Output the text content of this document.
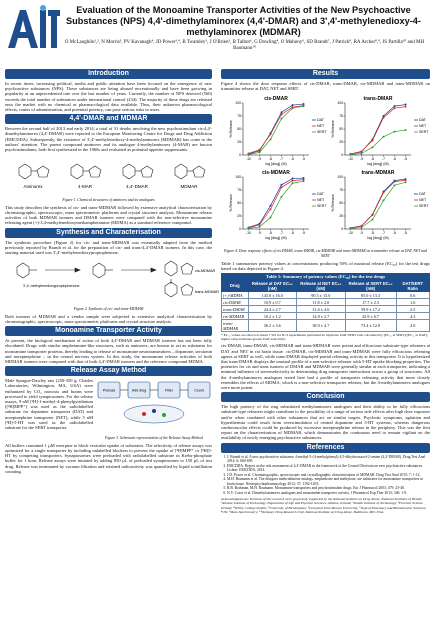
Evaluation of the Monoamine Transporter Activities of the New Psychoactive Substances (NPS) 4,4'-dimethylaminorex (4,4'-DMAR) and 3',4'-methylenedioxy-4-methylaminorex (MDMAR)
O McLaughlin¹,², N Morris³, PV Kavanagh⁴, JD Power³,⁴, B Twamley⁵, J O'Brien⁵, B Talbot⁶, G Dowling⁴, O Mahony⁶, SD Brandt⁷, J Patrick⁸, RA Archer⁸,⁹, JS Partilla¹⁰ and MH Baumann¹⁰
Introduction
In recent times, increasing political, media and public attention have been focused on the emergence of new psychoactive substances (NPS). These substances are being abused recreationally and have been growing in popularity at an unprecedented rate over the last number of years. Currently, the number of NPS detected (560) exceeds the total number of substances under international control (234). The majority of these drugs are released onto the market with no chemical or pharmacological data available. Thus, their unknown pharmacological effects, routes of administration, and potential potency, can pose serious risks to users.
4,4'-DMAR and MDMAR
Between the second half of 2013 and early 2014, a total of 31 deaths involving the new psychostimulant cis-4,4'-dimethylaminorex (4,4'-DMAR) were reported to the European Monitoring Centre for Drugs and Drug Addiction (EMCDDA). Subsequently, the existence of 3',4'-methylenedioxy-4-methylaminorex (MDMAR) has come to the authors' attention. The parent compound aminorex and its analogue 4-methylaminorex (4-MAR) are known psychostimulants, both first synthesized in the 1960s and evaluated as potential appetite suppressants.
Aminorex	4-MAR	4,4'-DMAR	MDMAR
Figure 1. Chemical structures of aminorex and its analogues
This study describes the synthesis of cis- and trans-MDMAR followed by extensive analytical characterisation by chromatographic, spectroscopic, mass spectrometric platforms and crystal structure analysis. Monoamine release activities of both MDMAR isomers and DMAR isomers were compared with the non-selective monoamine releasing agent (+)-3,4-methylenedioxymethamphetamine (MDMA) as a standard reference compound.
Synthesis and Characterisation
The synthesis procedure (Figure 2) for cis- and trans-MDMAR was essentially adapted from the method previously reported by Brandt et al. for the preparation of cis- and trans-4,4'-DMAR isomers. In this case, the starting material used was 3',4'-methylenedioxypropiophenone.
3',4'-methylenedioxypropiophenone
cis-MDMAR
trans-MDMAR
Figure 2. Synthesis of cis- and trans-MDMAR
Both isomers of MDMAR and a vendor sample were subjected to extensive analytical characterisation by chromatographic, spectroscopic, mass spectrometric platforms and crystal structure analysis.
Monoamine Transporter Activity
At present, the biological mechanism of action of both 4,4'-DMAR and MDMAR isomers has not been fully elucidated. Drugs with similar amphetamine-like structures, such as aminorex, are known to act as substrates for monoamine transporter proteins, thereby leading to release of monoamine neurotransmitters – dopamine, serotonin and norepinephrine – in the central nervous system. In this study, the monoamine release activities of both MDMAR isomers were compared with that of both 4,4'-DMAR isomers and the reference compound MDMA.
Release Assay Method
Male Sprague-Dawley rats (250-350 g; Charles Laboratories, Wilmington, MA, USA) were euthanized by CO₂ narcosis and brains were processed to yield synaptosomes. For the release assays, 9 nM [³H]-1-methyl-4-phenylpyridinium ([³H]MPP⁺) was used as the radiolabelled substrate for dopamine transporter (DAT) and norepinephrine transporter (NET), while 5 nM [³H]-5-HT was used as the radiolabelled substrate for the SERT transporter.
Preload	Add drug	Filter	Count
Figure 3. Schematic representation of the Release Assay Method
All buffers contained 1 µM reserpine to block vesicular uptake of substrates. The selectivity of release assays was optimized for a single transporter by including unlabelled blockers to prevent the uptake of [³H]MPP⁺ or [³H]5-HT by competing transporters. Synaptosomes were preloaded with radiolabelled substrate in Krebs-phosphate buffer for 1 hour. Release assays were initiated by adding 850 µL of preloaded synaptosomes to 150 µL of test drug. Release was terminated by vacuum filtration and retained radioactivity was quantified by liquid scintillation counting.
Results
Figure 4 shows the dose response effects of cis-DMAR, trans-DMAR, cis-MDMAR and trans-MDMAR on transmitter release at DAT, NET and SERT.
cis-DMAR
0
25
50
75
100
-10 -9 -8 -7 -6 -5
log [drug] (M)
% Release
DAT
NET
SERT
trans-DMAR
0
25
50
75
100
-10 -9 -8 -7 -6 -5
log [drug] (M)
% Release
DAT
NET
SERT
cis-MDMAR
0
25
50
75
100
-10 -9 -8 -7 -6 -5
log [drug] (M)
% Release
DAT
NET
SERT
trans-MDMAR
0
25
50
75
100
-10 -9 -8 -7 -6 -5
log [drug] (M)
% Release
DAT
NET
SERT
Figure 4. Dose response effects of cis-DMAR, trans-DMAR, cis-MDMAR and trans-MDMAR on transmitter release at DAT, NET and SERT
Table 1 summarises potency values at concentrations producing 50% of maximal release (EC₅₀) for the test drugs based on data depicted in Figure 4.
Table 1: Summary of potency values (EC₅₀) for the test drugs
Drug	Release at DAT EC₅₀ (nM)	Release at NET EC₅₀ (nM)	Release at SERT EC₅₀ (nM)	DAT/SERT Ratio
(+)-MDMA	143.0 ± 16.0	90.3 ± 15.0	85.0 ± 13.3	0.6
cis-DMAR	10.9 ± 0.7	11.8 ± 2.0	17.7 ± 2.3	1.6
trans-DMAR	24.4 ± 2.7	31.6 ± 4.6	59.9 ± 17.2	2.5
cis-MDMAR	10.2 ± 1.2	14.8 ± 2.7	43.9 ± 6.7	4.3
trans-MDMAR	36.2 ± 3.6	38.9 ± 4.7	73.4 ± 12.0	2.0
* EC₅₀ values are shown as mean ± SD for N=3 experiments performed in triplicate. DAT/SERT ratio calculated by (EC₅₀ at SERT)/(EC₅₀ at DAT); higher value indicates greater DAT selectivity.
cis-DMAR, trans-DMAR, cis-MDMAR and trans-MDMAR were potent and efficacious substrate-type releasers at DAT and NET in rat brain tissue. cis-DMAR, cis-MDMAR and trans-MDMAR were fully efficacious releasing agents at SERT as well, while trans-DMAR displayed partial releasing activity at this transporter. It is hypothesized that trans-DMAR displays the unusual profile of a non-selective releaser with 5-HT uptake blocking properties. The potencies for cis and trans isomers of DMAR and MDMAR were generally similar at each transporter, indicating a minimal influence of stereoselectivity in determining drug transporter interactions across a group of structures. All the 4-methylaminorex analogues tested here had a profile of transporter releasing activity that more closely resembles the effects of MDMA, which is a non-selective transporter releaser, but the 4-methylaminorex analogues were more potent.
Conclusion
The high potency of the ring substituted methylaminorex analogues and their ability to be fully efficacious substrate-type releasers might contribute to the possibility of a range of serious side effects after high dose exposure and/or when combined with other substances that act on similar targets. Psychotic symptoms, agitation and hyperthermia could result from overstimulation of central dopamine and 5-HT systems, whereas dangerous cardiovascular effects could be produced by excessive norepinephrine release in the periphery. This was the first report on the characterisation of MDMAR, which demonstrates the continuous need to remain vigilant on the availability of newly emerging psychoactive substances.
References
1. J. Brandt et al. A new psychoactive substance 4-methyl-5-(4-methylphenyl)-4,5-dihydrooxazol-2-amine (4,4'-DMAR). Drug Test Anal 2014; 6: 684-695.
2. EMCDDA. Report on the risk assessment of 4,4'-DMAR in the framework of the Council Decision on new psychoactive substances. Lisbon: EMCDDA, 2014.
3. J.D. Power et al. Chromatographic, spectroscopic and crystallographic characterisation of MDMAR. Drug Test Anal 2015; 7: 1-12.
4. M.H. Baumann et al. The designer methcathinone analogs, mephedrone and methylone, are substrates for monoamine transporters in brain tissue. Neuropsychopharmacology 2012; 37: 1192-1203.
5. R.B. Rothman, M.H. Baumann. Monoamine transporters and psychostimulant drugs. Eur J Pharmacol 2003; 479: 23-40.
6. N.V. Cozzi et al. Dimethylaminorex analogues and monoamine transporter activity. J Pharmacol Exp Ther 2013; 346: 1-9.
Acknowledgements: Portions of this research were generously supported by the National Institute on Drug Abuse, National Institutes of Health. ¹Athlone Institute of Technology, Department of Life and Physical Sciences, Athlone, Ireland; ²Dublin Institute of Technology; ³Forensic Science Ireland; ⁴Trinity College Dublin; ⁵University of Birmingham; ⁶Liverpool John Moores University; ⁷Dept of Pharmacy and Biomolecular Sciences; ⁸UK; ⁹Mass Spectrometry; ¹⁰Designer Drug Research Unit, National Institute on Drug Abuse, Baltimore, MD, USA.
